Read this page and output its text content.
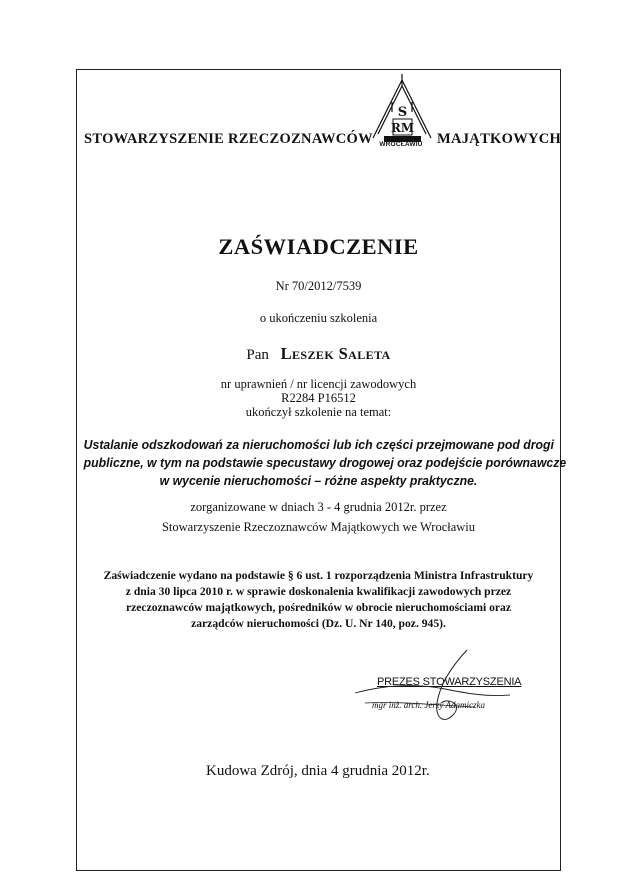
STOWARZYSZENIE RZECZOZNAWCÓW
S
RM
WROCŁAWIU MAJĄTKOWYCH
ZAŚWIADCZENIE
Nr 70/2012/7539
o ukończeniu szkolenia
Pan Leszek Saleta
nr uprawnień / nr licencji zawodowych
R2284 P16512
ukończył szkolenie na temat:
Ustalanie odszkodowań za nieruchomości lub ich części przejmowane pod drogi
publiczne, w tym na podstawie specustawy drogowej oraz podejście porównawcze
w wycenie nieruchomości – różne aspekty praktyczne.
zorganizowane w dniach 3 - 4 grudnia 2012r. przez
Stowarzyszenie Rzeczoznawców Majątkowych we Wrocławiu
Zaświadczenie wydano na podstawie § 6 ust. 1 rozporządzenia Ministra Infrastruktury
z dnia 30 lipca 2010 r. w sprawie doskonalenia kwalifikacji zawodowych przez
rzeczoznawców majątkowych, pośredników w obrocie nieruchomościami oraz
zarządców nieruchomości (Dz. U. Nr 140, poz. 945).
PREZES STOWARZYSZENIA
mgr inż. arch. Jerzy Adamiczka
Kudowa Zdrój, dnia 4 grudnia 2012r.
